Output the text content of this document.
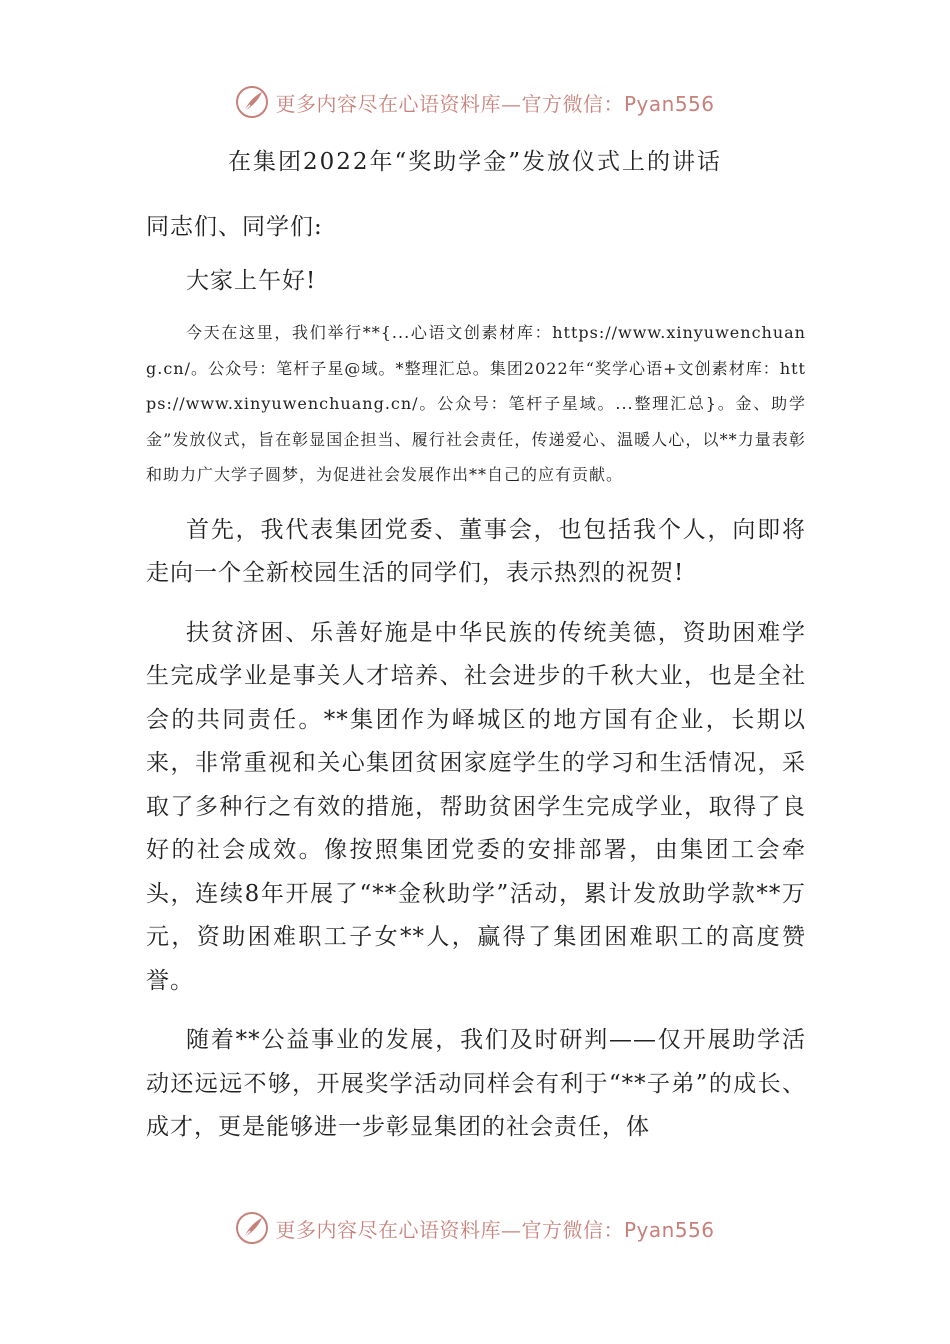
更多内容尽在心语资料库—官方微信：Pyan556
在集团2022年“奖助学金”发放仪式上的讲话

同志们、同学们:

大家上午好!

今天在这里，我们举行**{...心语文创素材库：https://www.xinyuwenchuang.cn/。公众号：笔杆子星@域。*整理汇总。集团2022年“奖学心语+文创素材库：https://www.xinyuwenchuang.cn/。公众号：笔杆子星域。...整理汇总}。金、助学金”发放仪式，旨在彰显国企担当、履行社会责任，传递爱心、温暖人心，以**力量表彰和助力广大学子圆梦，为促进社会发展作出**自己的应有贡献。

首先，我代表集团党委、董事会，也包括我个人，向即将走向一个全新校园生活的同学们，表示热烈的祝贺!

扶贫济困、乐善好施是中华民族的传统美德，资助困难学生完成学业是事关人才培养、社会进步的千秋大业，也是全社会的共同责任。**集团作为峄城区的地方国有企业，长期以来，非常重视和关心集团贫困家庭学生的学习和生活情况，采取了多种行之有效的措施，帮助贫困学生完成学业，取得了良好的社会成效。像按照集团党委的安排部署，由集团工会牵头，连续8年开展了“**金秋助学”活动，累计发放助学款**万元，资助困难职工子女**人，赢得了集团困难职工的高度赞誉。

随着**公益事业的发展，我们及时研判——仅开展助学活动还远远不够，开展奖学活动同样会有利于“**子弟”的成长、成才，更是能够进一步彰显集团的社会责任，体

更多内容尽在心语资料库—官方微信：Pyan556
